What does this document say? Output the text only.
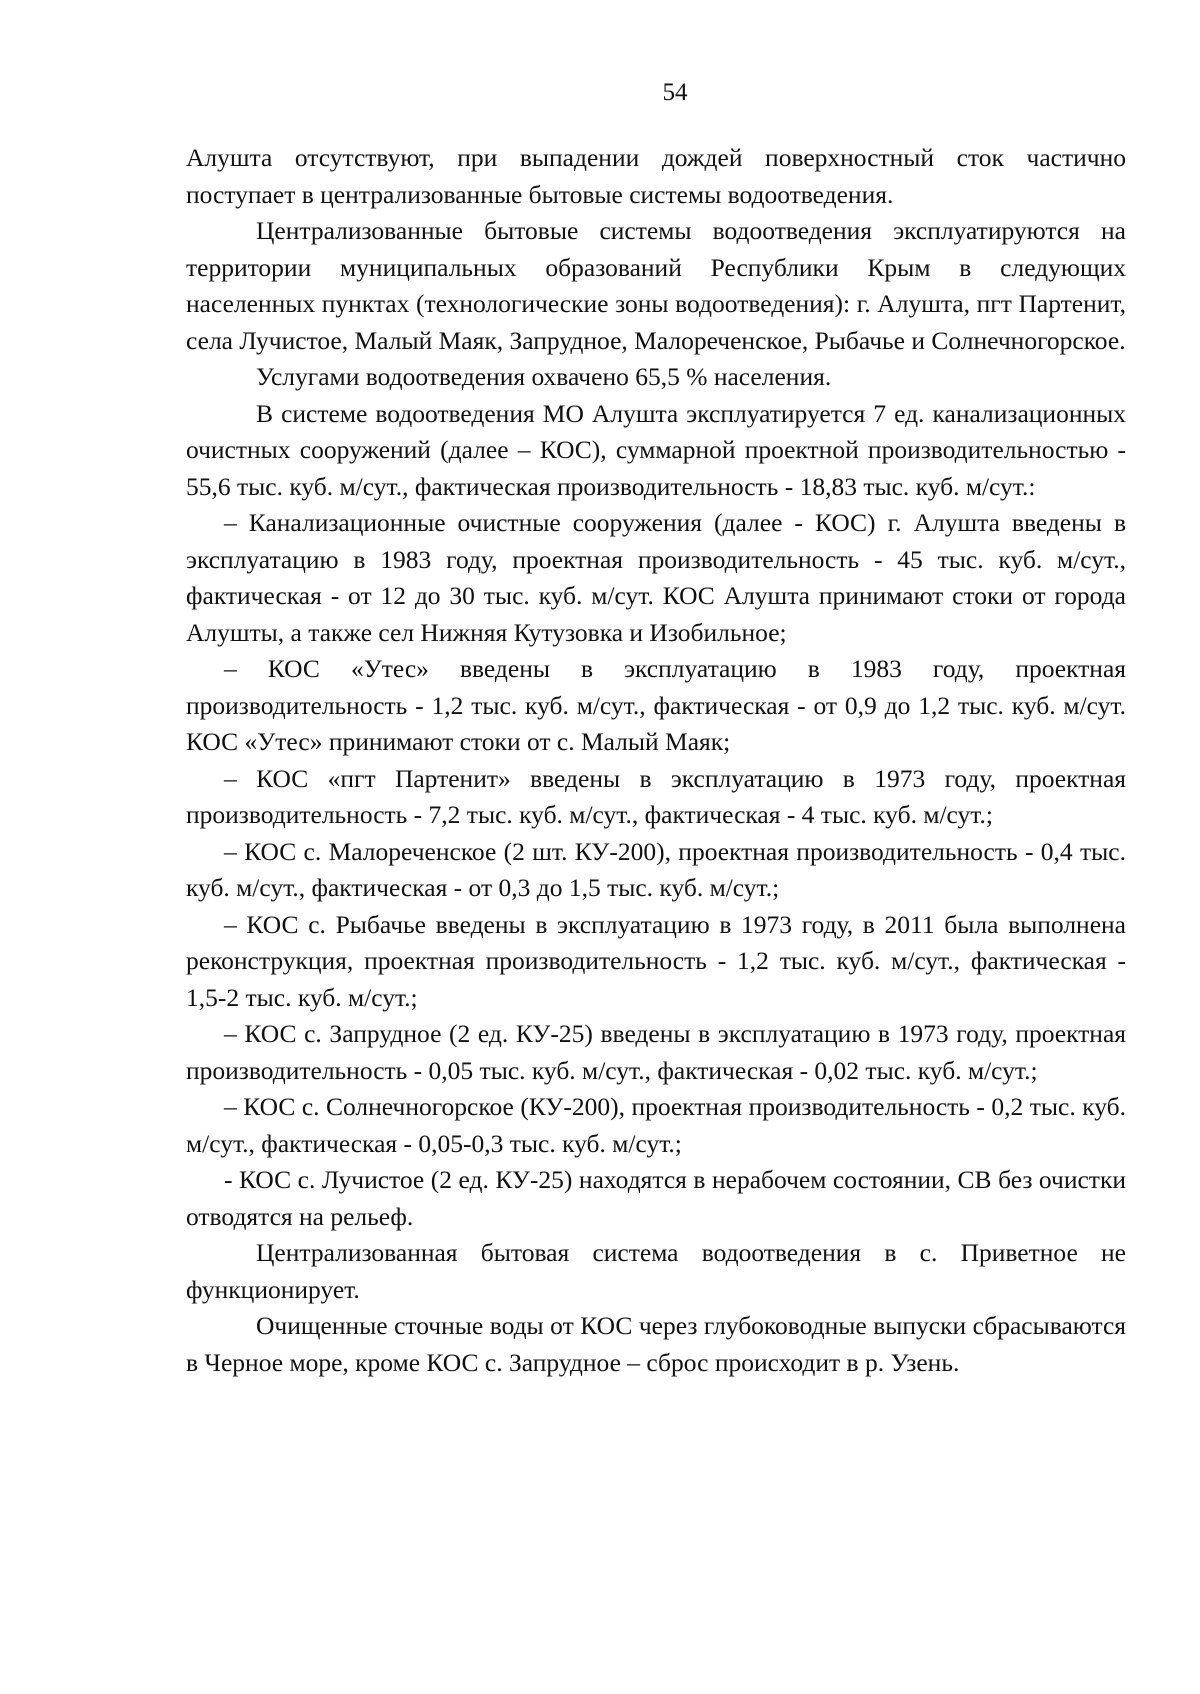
54

Алушта отсутствуют, при выпадении дождей поверхностный сток частично поступает в централизованные бытовые системы водоотведения.

Централизованные бытовые системы водоотведения эксплуатируются на территории муниципальных образований Республики Крым в следующих населенных пунктах (технологические зоны водоотведения): г. Алушта, пгт Партенит, села Лучистое, Малый Маяк, Запрудное, Малореченское, Рыбачье и Солнечногорское.

Услугами водоотведения охвачено 65,5 % населения.

В системе водоотведения МО Алушта эксплуатируется 7 ед. канализационных очистных сооружений (далее – КОС), суммарной проектной производительностью - 55,6 тыс. куб. м/сут., фактическая производительность - 18,83 тыс. куб. м/сут.:

– Канализационные очистные сооружения (далее - КОС) г. Алушта введены в эксплуатацию в 1983 году, проектная производительность - 45 тыс. куб. м/сут., фактическая - от 12 до 30 тыс. куб. м/сут. КОС Алушта принимают стоки от города Алушты, а также сел Нижняя Кутузовка и Изобильное;

– КОС «Утес» введены в эксплуатацию в 1983 году, проектная производительность - 1,2 тыс. куб. м/сут., фактическая - от 0,9 до 1,2 тыс. куб. м/сут. КОС «Утес» принимают стоки от с. Малый Маяк;

– КОС «пгт Партенит» введены в эксплуатацию в 1973 году, проектная производительность - 7,2 тыс. куб. м/сут., фактическая - 4 тыс. куб. м/сут.;

– КОС с. Малореченское (2 шт. КУ-200), проектная производительность - 0,4 тыс. куб. м/сут., фактическая - от 0,3 до 1,5 тыс. куб. м/сут.;

– КОС с. Рыбачье введены в эксплуатацию в 1973 году, в 2011 была выполнена реконструкция, проектная производительность - 1,2 тыс. куб. м/сут., фактическая - 1,5-2 тыс. куб. м/сут.;

– КОС с. Запрудное (2 ед. КУ-25) введены в эксплуатацию в 1973 году, проектная производительность - 0,05 тыс. куб. м/сут., фактическая - 0,02 тыс. куб. м/сут.;

– КОС с. Солнечногорское (КУ-200), проектная производительность - 0,2 тыс. куб. м/сут., фактическая - 0,05-0,3 тыс. куб. м/сут.;

- КОС с. Лучистое (2 ед. КУ-25) находятся в нерабочем состоянии, СВ без очистки отводятся на рельеф.

Централизованная бытовая система водоотведения в с. Приветное не функционирует.

Очищенные сточные воды от КОС через глубоководные выпуски сбрасываются в Черное море, кроме КОС с. Запрудное – сброс происходит в р. Узень.
